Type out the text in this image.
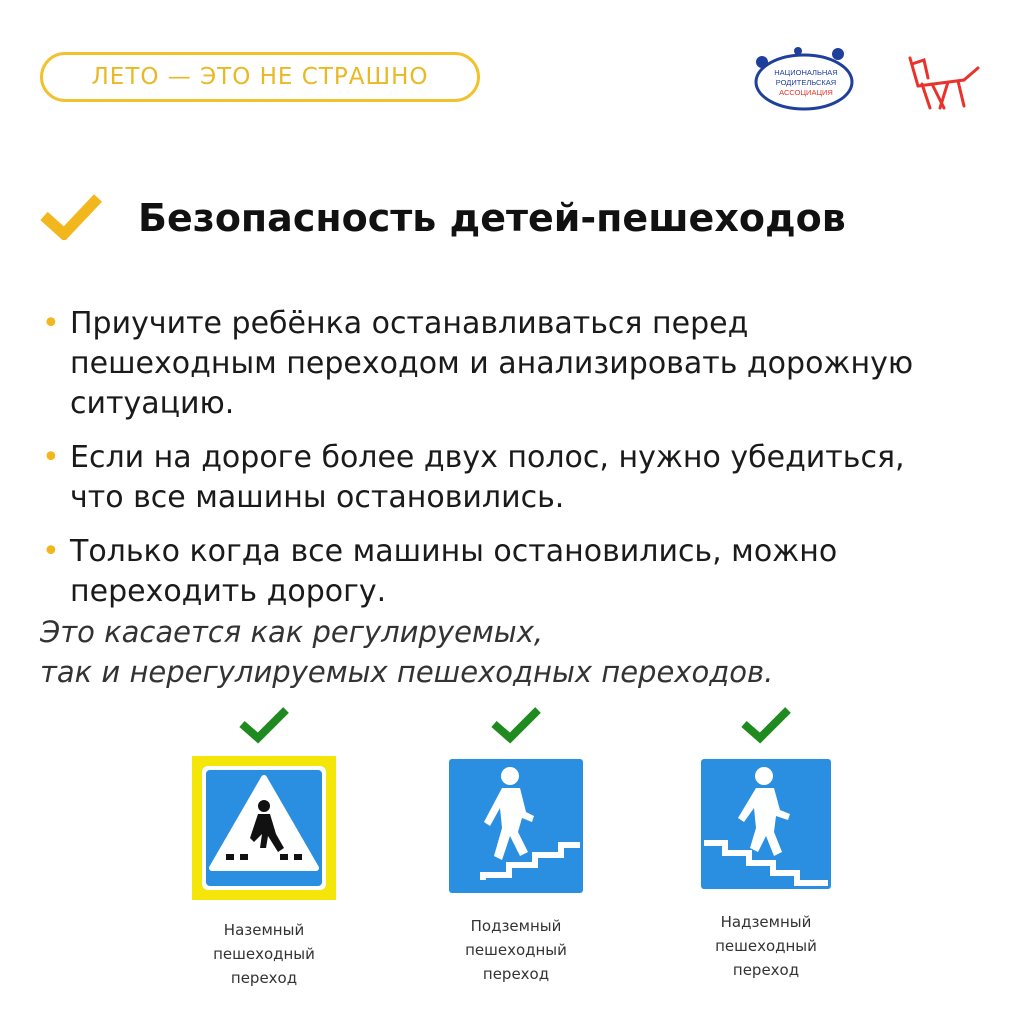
ЛЕТО — ЭТО НЕ СТРАШНО	НАЦИОНАЛЬНАЯ
РОДИТЕЛЬСКАЯ
АССОЦИАЦИЯ
Безопасность детей-пешеходов
• Приучите ребёнка останавливаться перед
пешеходным переходом и анализировать дорожную
ситуацию.
• Если на дороге более двух полос, нужно убедиться,
что все машины остановились.
• Только когда все машины остановились, можно
переходить дорогу.
Это касается как регулируемых,
так и нерегулируемых пешеходных переходов.
Наземный
пешеходный
переход
Подземный
пешеходный
переход
Надземный
пешеходный
переход
